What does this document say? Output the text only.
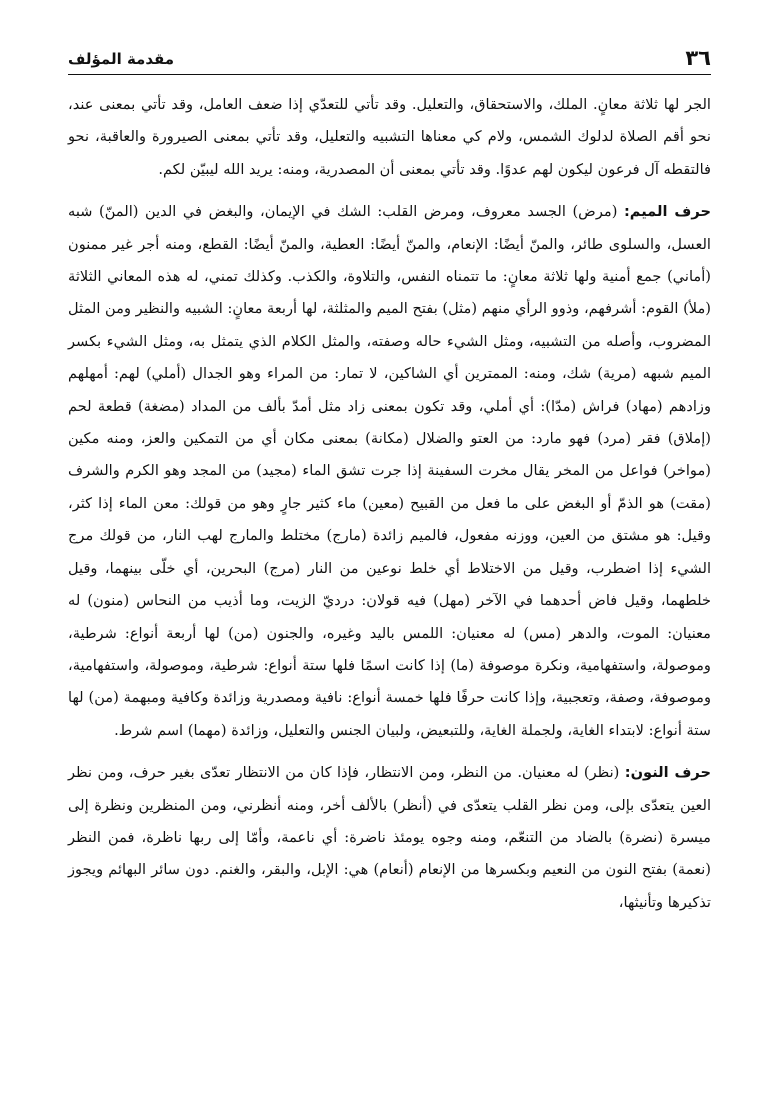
٣٦
مقدمة المؤلف

الجر لها ثلاثة معانٍ. الملك، والاستحقاق، والتعليل. وقد تأتي للتعدّي إذا ضعف العامل، وقد تأتي بمعنى عند، نحو أقم الصلاة لدلوك الشمس، ولام كي معناها التشبيه والتعليل، وقد تأتي بمعنى الصيرورة والعاقبة، نحو فالتقطه آل فرعون ليكون لهم عدوًا. وقد تأتي بمعنى أن المصدرية، ومنه: يريد الله ليبيّن لكم.

حرف الميم: (مرض) الجسد معروف، ومرض القلب: الشك في الإيمان، والبغض في الدين (المنّ) شبه العسل، والسلوى طائر، والمنّ أيضًا: الإنعام، والمنّ أيضًا: العطية، والمنّ أيضًا: القطع، ومنه أجر غير ممنون (أماني) جمع أمنية ولها ثلاثة معانٍ: ما تتمناه النفس، والتلاوة، والكذب. وكذلك تمني، له هذه المعاني الثلاثة (ملأ) القوم: أشرفهم، وذوو الرأي منهم (مثل) بفتح الميم والمثلثة، لها أربعة معانٍ: الشبيه والنظير ومن المثل المضروب، وأصله من التشبيه، ومثل الشيء حاله وصفته، والمثل الكلام الذي يتمثل به، ومثل الشيء بكسر الميم شبهه (مرية) شك، ومنه: الممترين أي الشاكين، لا تمار: من المراء وهو الجدال (أملي) لهم: أمهلهم وزادهم (مهاد) فراش (مدّا): أي أملي، وقد تكون بمعنى زاد مثل أمدّ بألف من المداد (مضغة) قطعة لحم (إملاق) فقر (مرد) فهو مارد: من العتو والضلال (مكانة) بمعنى مكان أي من التمكين والعز، ومنه مكين (مواخر) فواعل من المخر يقال مخرت السفينة إذا جرت تشق الماء (مجيد) من المجد وهو الكرم والشرف (مقت) هو الذمّ أو البغض على ما فعل من القبيح (معين) ماء كثير جارٍ وهو من قولك: معن الماء إذا كثر، وقيل: هو مشتق من العين، ووزنه مفعول، فالميم زائدة (مارج) مختلط والمارج لهب النار، من قولك مرج الشيء إذا اضطرب، وقيل من الاختلاط أي خلط نوعين من النار (مرج) البحرين، أي خلّى بينهما، وقيل خلطهما، وقيل فاض أحدهما في الآخر (مهل) فيه قولان: درديّ الزيت، وما أذيب من النحاس (منون) له معنيان: الموت، والدهر (مس) له معنيان: اللمس باليد وغيره، والجنون (من) لها أربعة أنواع: شرطية، وموصولة، واستفهامية، ونكرة موصوفة (ما) إذا كانت اسمًا فلها ستة أنواع: شرطية، وموصولة، واستفهامية، وموصوفة، وصفة، وتعجبية، وإذا كانت حرفًا فلها خمسة أنواع: نافية ومصدرية وزائدة وكافية ومبهمة (من) لها ستة أنواع: لابتداء الغاية، ولجملة الغاية، وللتبعيض، ولبيان الجنس والتعليل، وزائدة (مهما) اسم شرط.

حرف النون: (نظر) له معنيان. من النظر، ومن الانتظار، فإذا كان من الانتظار تعدّى بغير حرف، ومن نظر العين يتعدّى بإلى، ومن نظر القلب يتعدّى في (أنظر) بالألف أخر، ومنه أنظرني، ومن المنظرين ونظرة إلى ميسرة (نضرة) بالضاد من التنعّم، ومنه وجوه يومئذ ناضرة: أي ناعمة، وأمّا إلى ربها ناظرة، فمن النظر (نعمة) بفتح النون من النعيم وبكسرها من الإنعام (أنعام) هي: الإبل، والبقر، والغنم. دون سائر البهائم ويجوز تذكيرها وتأنيثها،
